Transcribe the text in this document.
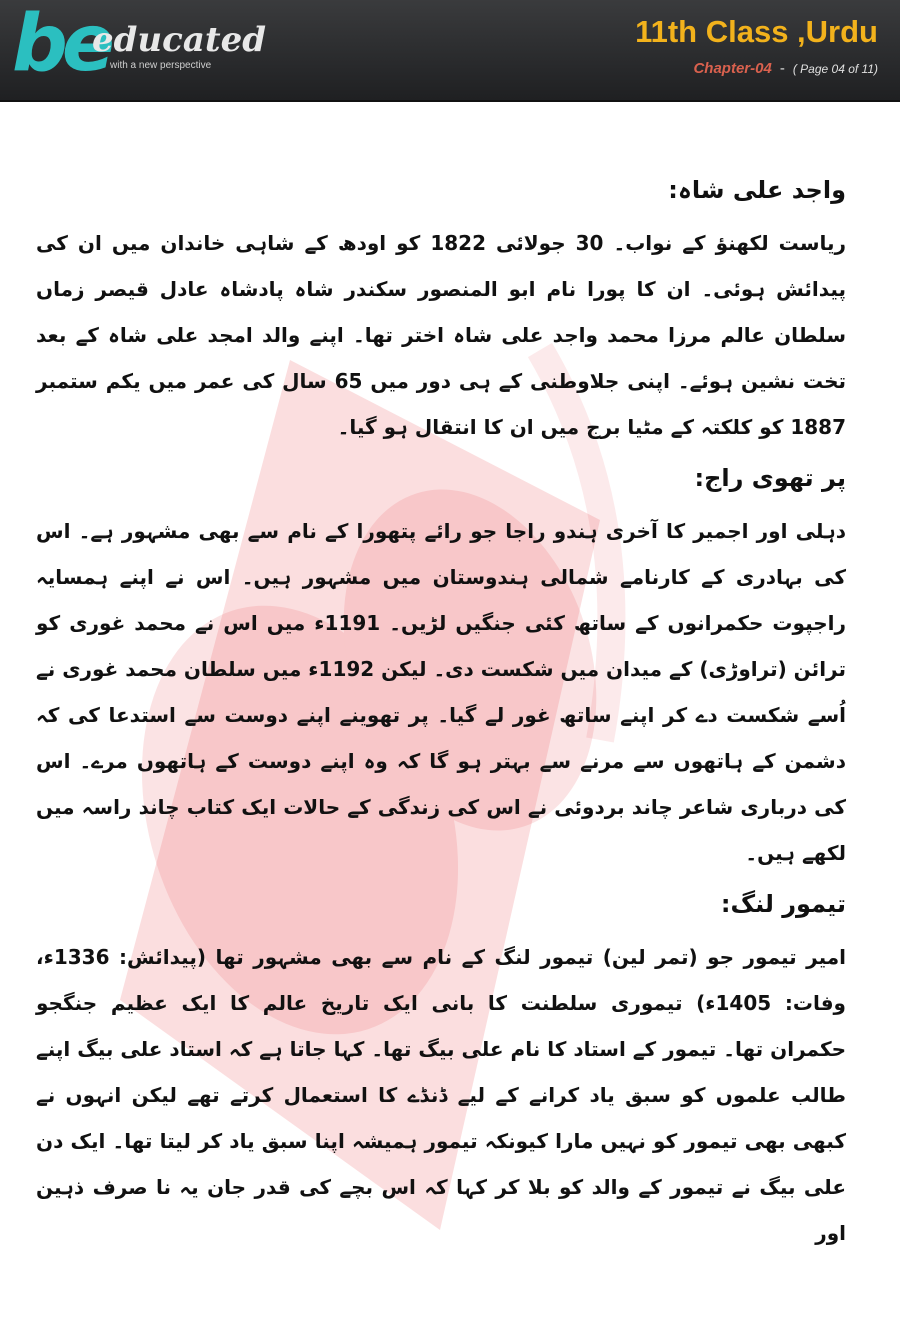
be
educated
with a new perspective
11th Class ,Urdu
Chapter-04 - ( Page 04 of 11)
واجد علی شاہ:

ریاست لکھنؤ کے نواب۔ 30 جولائی 1822 کو اودھ کے شاہی خاندان میں ان کی پیدائش ہوئی۔ ان کا پورا نام ابو المنصور سکندر شاہ پادشاہ عادل قیصر زماں سلطان عالم مرزا محمد واجد علی شاہ اختر تھا۔ اپنے والد امجد علی شاہ کے بعد تخت نشین ہوئے۔ اپنی جلاوطنی کے ہی دور میں 65 سال کی عمر میں یکم ستمبر 1887 کو کلکتہ کے مٹیا برج میں ان کا انتقال ہو گیا۔

پر تھوی راج:

دہلی اور اجمیر کا آخری ہندو راجا جو رائے پتھورا کے نام سے بھی مشہور ہے۔ اس کی بہادری کے کارنامے شمالی ہندوستان میں مشہور ہیں۔ اس نے اپنے ہمسایہ راجپوت حکمرانوں کے ساتھ کئی جنگیں لڑیں۔ 1191ء میں اس نے محمد غوری کو ترائن (تراوڑی) کے میدان میں شکست دی۔ لیکن 1192ء میں سلطان محمد غوری نے اُسے شکست دے کر اپنے ساتھ غور لے گیا۔ پر تھوینے اپنے دوست سے استدعا کی کہ دشمن کے ہاتھوں سے مرنے سے بہتر ہو گا کہ وہ اپنے دوست کے ہاتھوں مرے۔ اس کی درباری شاعر چاند بردوئی نے اس کی زندگی کے حالات ایک کتاب چاند راسہ میں لکھے ہیں۔

تیمور لنگ:

امیر تیمور جو (تمر لین) تیمور لنگ کے نام سے بھی مشہور تھا (پیدائش: 1336ء، وفات: 1405ء) تیموری سلطنت کا بانی ایک تاریخ عالم کا ایک عظیم جنگجو حکمران تھا۔ تیمور کے استاد کا نام علی بیگ تھا۔ کہا جاتا ہے کہ استاد علی بیگ اپنے طالب علموں کو سبق یاد کرانے کے لیے ڈنڈے کا استعمال کرتے تھے لیکن انہوں نے کبھی بھی تیمور کو نہیں مارا کیونکہ تیمور ہمیشہ اپنا سبق یاد کر لیتا تھا۔ ایک دن علی بیگ نے تیمور کے والد کو بلا کر کہا کہ اس بچے کی قدر جان یہ نا صرف ذہین اور
